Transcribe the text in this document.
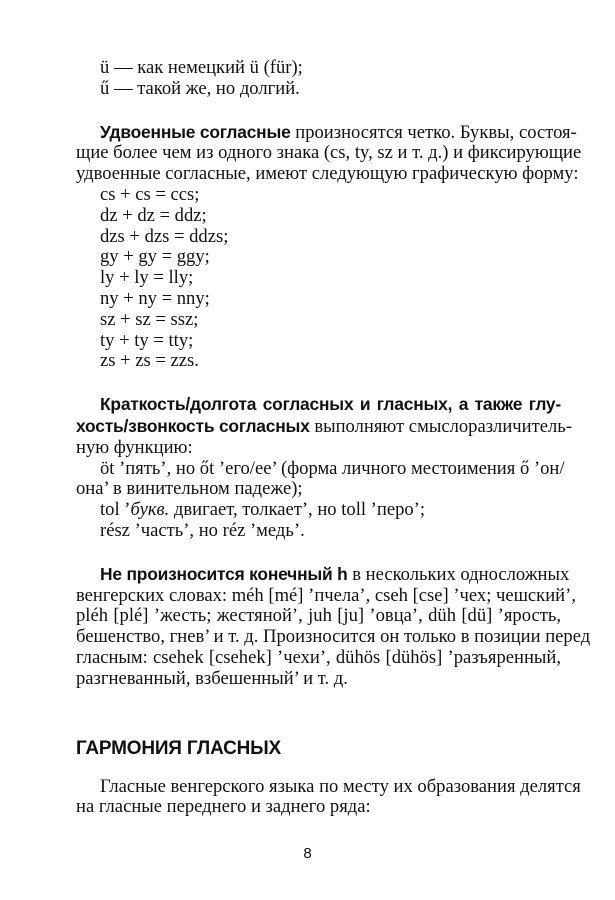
ü — как немецкий ü (für);
ű — такой же, но долгий.
Удвоенные согласные произносятся четко. Буквы, состоя-
щие более чем из одного знака (cs, ty, sz и т. д.) и фиксирующие
удвоенные согласные, имеют следующую графическую форму:
cs + cs = ccs;
dz + dz = ddz;
dzs + dzs = ddzs;
gy + gy = ggy;
ly + ly = lly;
ny + ny = nny;
sz + sz = ssz;
ty + ty = tty;
zs + zs = zzs.
Краткость/долгота согласных и гласных, а также глу-
хость/звонкость согласных выполняют смыслоразличитель-
ную функцию:
öt ’пять’, но őt ’его/ее’ (форма личного местоимения ő ’он/
она’ в винительном падеже);
tol ’букв. двигает, толкает’, но toll ’перо’;
rész ’часть’, но réz ’медь’.
Не произносится конечный h в нескольких односложных
венгерских словах: méh [mé] ’пчела’, cseh [cse] ’чех; чешский’,
pléh [plé] ’жесть; жестяной’, juh [ju] ’овца’, düh [dü] ’ярость,
бешенство, гнев’ и т. д. Произносится он только в позиции перед
гласным: csehek [csehek] ’чехи’, dühös [dühös] ’разъяренный,
разгневанный, взбешенный’ и т. д.
ГАРМОНИЯ ГЛАСНЫХ
Гласные венгерского языка по месту их образования делятся
на гласные переднего и заднего ряда:
8
